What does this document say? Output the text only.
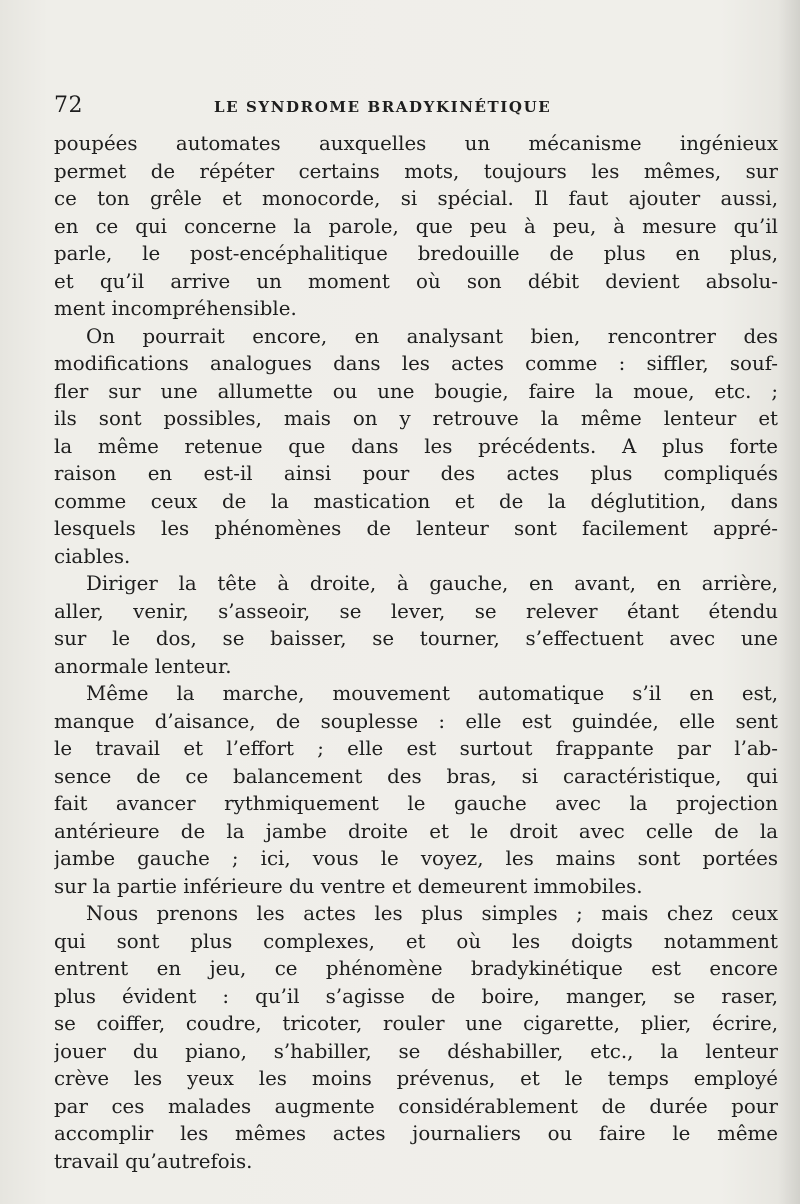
72	LE SYNDROME BRADYKINÉTIQUE
poupées automates auxquelles un mécanisme ingénieux
permet de répéter certains mots, toujours les mêmes, sur
ce ton grêle et monocorde, si spécial. Il faut ajouter aussi,
en ce qui concerne la parole, que peu à peu, à mesure qu’il
parle, le post-encéphalitique bredouille de plus en plus,
et qu’il arrive un moment où son débit devient absolu-
ment incompréhensible.
On pourrait encore, en analysant bien, rencontrer des
modifications analogues dans les actes comme : siffler, souf-
fler sur une allumette ou une bougie, faire la moue, etc. ;
ils sont possibles, mais on y retrouve la même lenteur et
la même retenue que dans les précédents. A plus forte
raison en est-il ainsi pour des actes plus compliqués
comme ceux de la mastication et de la déglutition, dans
lesquels les phénomènes de lenteur sont facilement appré-
ciables.
Diriger la tête à droite, à gauche, en avant, en arrière,
aller, venir, s’asseoir, se lever, se relever étant étendu
sur le dos, se baisser, se tourner, s’effectuent avec une
anormale lenteur.
Même la marche, mouvement automatique s’il en est,
manque d’aisance, de souplesse : elle est guindée, elle sent
le travail et l’effort ; elle est surtout frappante par l’ab-
sence de ce balancement des bras, si caractéristique, qui
fait avancer rythmiquement le gauche avec la projection
antérieure de la jambe droite et le droit avec celle de la
jambe gauche ; ici, vous le voyez, les mains sont portées
sur la partie inférieure du ventre et demeurent immobiles.
Nous prenons les actes les plus simples ; mais chez ceux
qui sont plus complexes, et où les doigts notamment
entrent en jeu, ce phénomène bradykinétique est encore
plus évident : qu’il s’agisse de boire, manger, se raser,
se coiffer, coudre, tricoter, rouler une cigarette, plier, écrire,
jouer du piano, s’habiller, se déshabiller, etc., la lenteur
crève les yeux les moins prévenus, et le temps employé
par ces malades augmente considérablement de durée pour
accomplir les mêmes actes journaliers ou faire le même
travail qu’autrefois.
